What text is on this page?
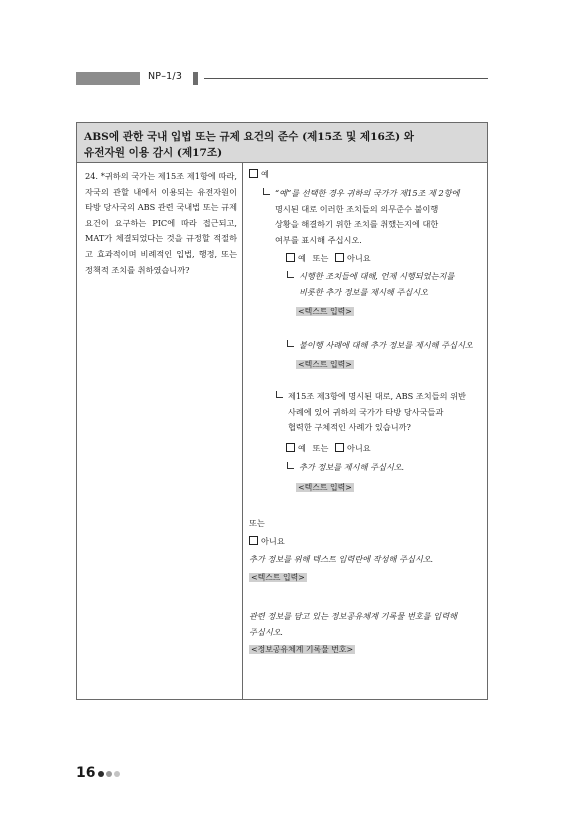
NP–1/3
ABS에 관한 국내 입법 또는 규제 요건의 준수 (제15조 및 제16조) 와
유전자원 이용 감시 (제17조)
24. *귀하의 국가는 제15조 제1항에 따라, 자국의 관할 내에서 이용되는 유전자원이 타방 당사국의 ABS 관련 국내법 또는 규제 요건이 요구하는 PIC에 따라 접근되고, MAT가 체결되었다는 것을 규정할 적절하고 효과적이며 비례적인 입법, 행정, 또는 정책적 조치를 취하였습니까?
예
“예”를 선택한 경우 귀하의 국가가 제15조 제 2항에
명시된 대로 이러한 조치들의 의무준수 불이행
상황을 해결하기 위한 조치를 취했는지에 대한
여부를 표시해 주십시오.
예 또는 아니요
시행한 조치들에 대해, 언제 시행되었는지를
비롯한 추가 정보를 제시해 주십시오
<텍스트 입력>
불이행 사례에 대해 추가 정보를 제시해 주십시오
<텍스트 입력>
제15조 제3항에 명시된 대로, ABS 조치들의 위반
사례에 있어 귀하의 국가가 타방 당사국들과
협력한 구체적인 사례가 있습니까?
예 또는 아니요
추가 정보를 제시해 주십시오.
<텍스트 입력>
또는
아니요
추가 정보를 위해 텍스트 입력란에 작성해 주십시오.
<텍스트 입력>
관련 정보를 담고 있는 정보공유체계 기록물 번호를 입력해
주십시오.
<정보공유체계 기록물 번호>
16
